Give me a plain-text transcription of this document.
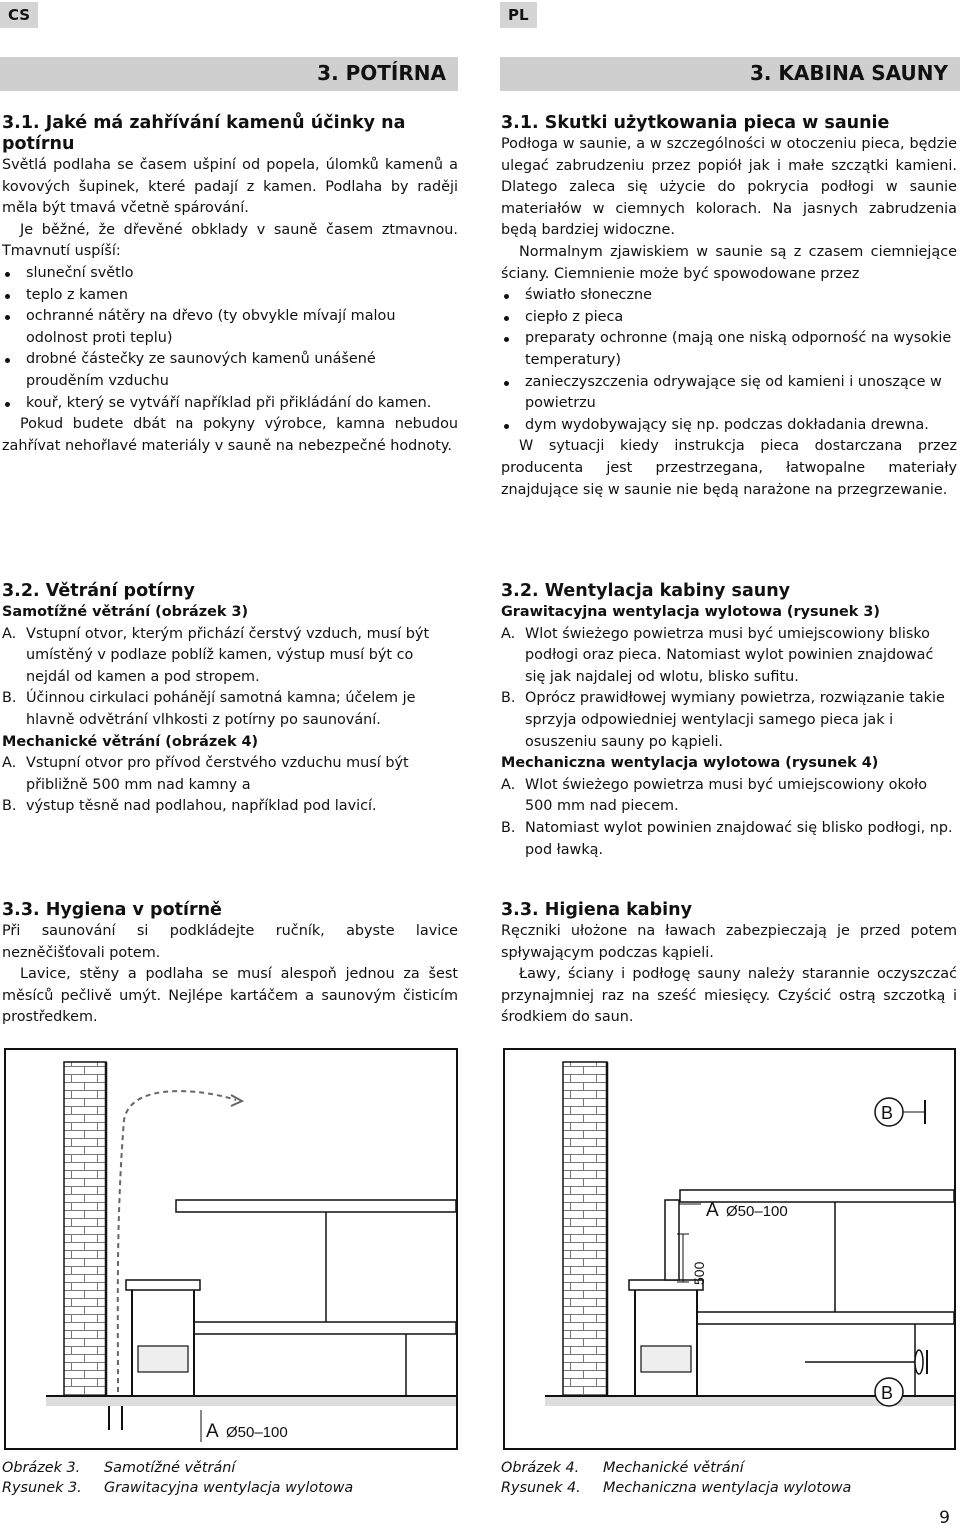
CS	PL
3. POTÍRNA	3. KABINA SAUNY

3.1. Jaké má zahřívání kamenů účinky na potírnu

Světlá podlaha se časem ušpiní od popela, úlomků kamenů a kovových šupinek, které padají z kamen. Podlaha by raději měla být tmavá včetně spárování.

Je běžné, že dřevěné obklady v sauně časem ztmavnou. Tmavnutí uspíší:

sluneční světlo
teplo z kamen
ochranné nátěry na dřevo (ty obvykle mívají malou odolnost proti teplu)
drobné částečky ze saunových kamenů unášené prouděním vzduchu
kouř, který se vytváří například při přikládání do kamen.

Pokud budete dbát na pokyny výrobce, kamna nebudou zahřívat nehořlavé materiály v sauně na nebezpečné hodnoty.

3.2. Větrání potírny

Samotížné větrání (obrázek 3)

A. Vstupní otvor, kterým přichází čerstvý vzduch, musí být umístěný v podlaze poblíž kamen, výstup musí být co nejdál od kamen a pod stropem.
B. Účinnou cirkulaci pohánějí samotná kamna; účelem je hlavně odvětrání vlhkosti z potírny po saunování.

Mechanické větrání (obrázek 4)

A. Vstupní otvor pro přívod čerstvého vzduchu musí být přibližně 500 mm nad kamny a
B. výstup těsně nad podlahou, například pod lavicí.

3.3. Hygiena v potírně

Při saunování si podkládejte ručník, abyste lavice nezněčišťovali potem.

Lavice, stěny a podlaha se musí alespoň jednou za šest měsíců pečlivě umýt. Nejlépe kartáčem a saunovým čisticím prostředkem.

3.1. Skutki użytkowania pieca w saunie

Podłoga w saunie, a w szczególności w otoczeniu pieca, będzie ulegać zabrudzeniu przez popiół jak i małe szczątki kamieni. Dlatego zaleca się użycie do pokrycia podłogi w saunie materiałów w ciemnych kolorach. Na jasnych zabrudzenia będą bardziej widoczne.

Normalnym zjawiskiem w saunie są z czasem ciemniejące ściany. Ciemnienie może być spowodowane przez

światło słoneczne
ciepło z pieca
preparaty ochronne (mają one niską odporność na wysokie temperatury)
zanieczyszczenia odrywające się od kamieni i unoszące w powietrzu
dym wydobywający się np. podczas dokładania drewna.

W sytuacji kiedy instrukcja pieca dostarczana przez producenta jest przestrzegana, łatwopalne materiały znajdujące się w saunie nie będą narażone na przegrzewanie.

3.2. Wentylacja kabiny sauny

Grawitacyjna wentylacja wylotowa (rysunek 3)

A. Wlot świeżego powietrza musi być umiejscowiony blisko podłogi oraz pieca. Natomiast wylot powinien znajdować się jak najdalej od wlotu, blisko sufitu.
B. Oprócz prawidłowej wymiany powietrza, rozwiązanie takie sprzyja odpowiedniej wentylacji samego pieca jak i osuszeniu sauny po kąpieli.

Mechaniczna wentylacja wylotowa (rysunek 4)

A. Wlot świeżego powietrza musi być umiejscowiony około 500 mm nad piecem.
B. Natomiast wylot powinien znajdować się blisko podłogi, np. pod ławką.

3.3. Higiena kabiny

Ręczniki ułożone na ławach zabezpieczają je przed potem spływającym podczas kąpieli.

Ławy, ściany i podłogę sauny należy starannie oczyszczać przynajmniej raz na sześć miesięcy. Czyścić ostrą szczotką i środkiem do saun.

A Ø50–100
B
A Ø50–100
500
B
Obrázek 3. Samotížné větrání
Rysunek 3. Grawitacyjna wentylacja wylotowa
Obrázek 4. Mechanické větrání
Rysunek 4. Mechaniczna wentylacja wylotowa
9
